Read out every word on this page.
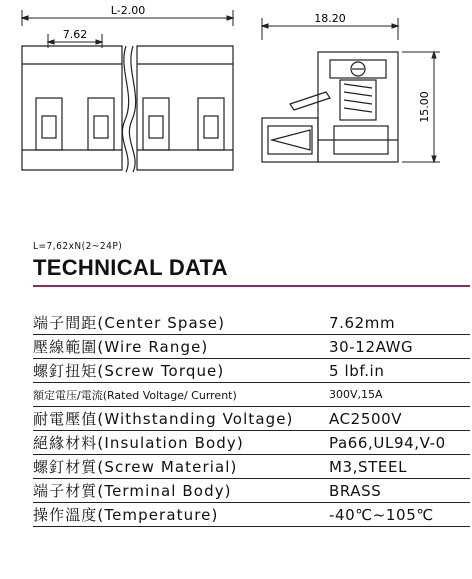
L-2.00
7.62
18.20
15.00
L=7,62xN(2~24P)
TECHNICAL DATA
端子間距(Center Spase)	7.62mm
壓線範圍(Wire Range)	30-12AWG
螺釘扭矩(Screw Torque)	5 lbf.in
額定電压/電流(Rated Voltage/ Current)	300V,15A
耐電壓值(Withstanding Voltage)	AC2500V
絕緣材料(Insulation Body)	Pa66,UL94,V-0
螺釘材質(Screw Material)	M3,STEEL
端子材質(Terminal Body)	BRASS
操作溫度(Temperature)	-40℃~105℃
